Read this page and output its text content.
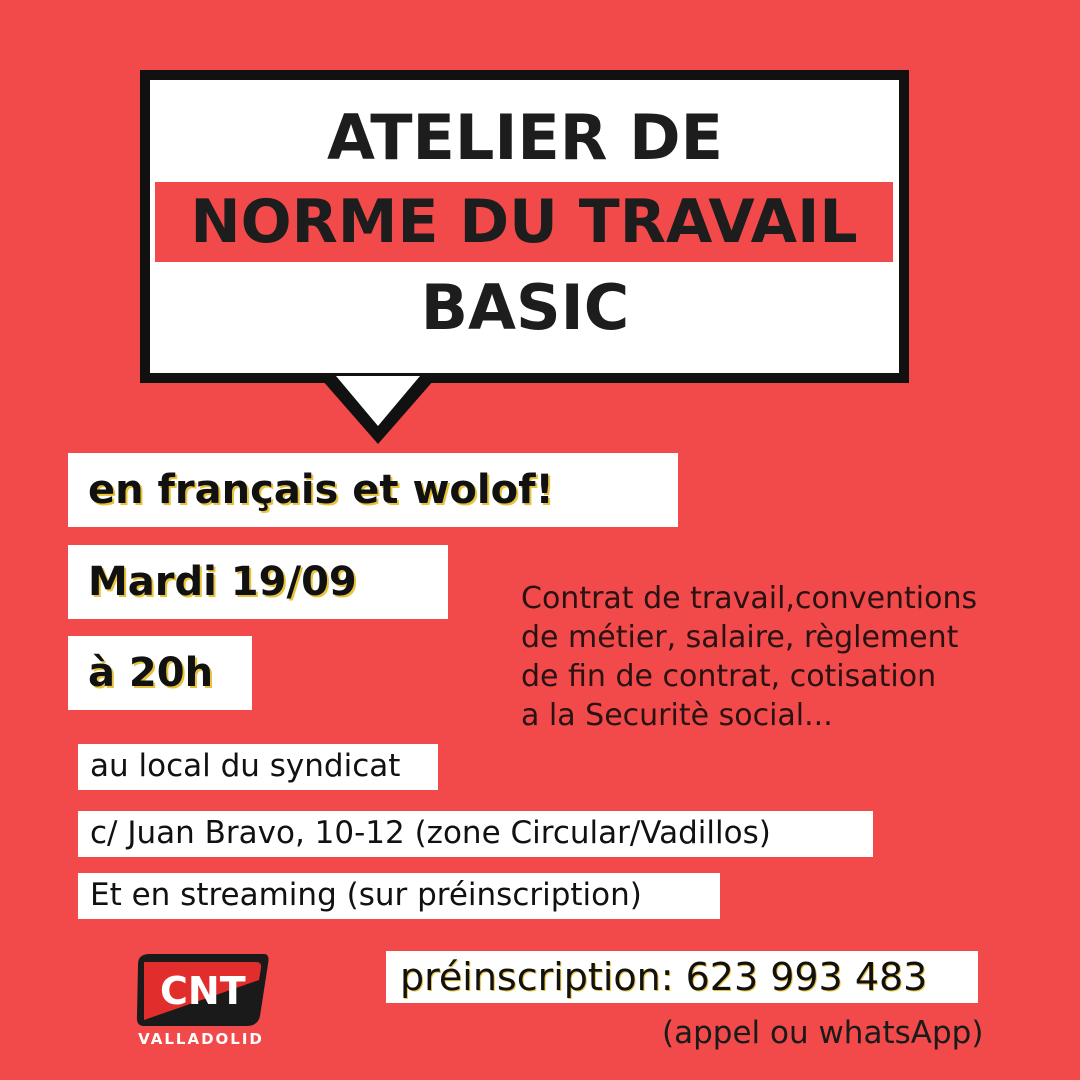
ATELIER DE
NORME DU TRAVAIL
BASIC
en français et wolof!
Mardi 19/09
à 20h
Contrat de travail,conventions
de métier, salaire, règlement
de fin de contrat, cotisation
a la Securitè social...
au local du syndicat
c/ Juan Bravo, 10-12 (zone Circular/Vadillos)
Et en streaming (sur préinscription)
CNT
VALLADOLID
préinscription: 623 993 483
(appel ou whatsApp)
